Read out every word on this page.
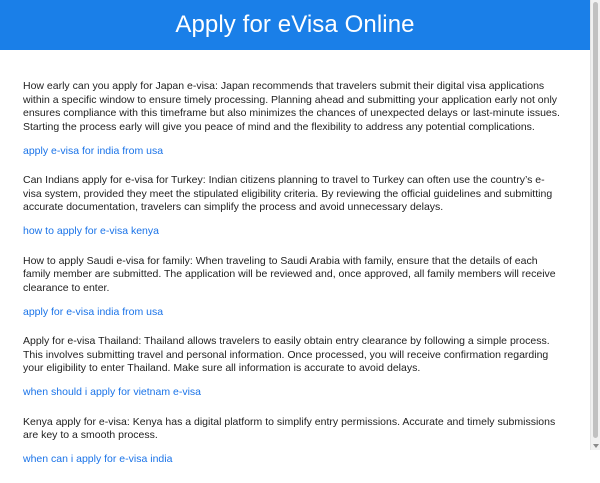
Apply for eVisa Online

How early can you apply for Japan e-visa: Japan recommends that travelers submit their digital visa applications within a specific window to ensure timely processing. Planning ahead and submitting your application early not only ensures compliance with this timeframe but also minimizes the chances of unexpected delays or last-minute issues. Starting the process early will give you peace of mind and the flexibility to address any potential complications.

apply e-visa for india from usa

Can Indians apply for e-visa for Turkey: Indian citizens planning to travel to Turkey can often use the country’s e-visa system, provided they meet the stipulated eligibility criteria. By reviewing the official guidelines and submitting accurate documentation, travelers can simplify the process and avoid unnecessary delays.

how to apply for e-visa kenya

How to apply Saudi e-visa for family: When traveling to Saudi Arabia with family, ensure that the details of each family member are submitted. The application will be reviewed and, once approved, all family members will receive clearance to enter.

apply for e-visa india from usa

Apply for e-visa Thailand: Thailand allows travelers to easily obtain entry clearance by following a simple process. This involves submitting travel and personal information. Once processed, you will receive confirmation regarding your eligibility to enter Thailand. Make sure all information is accurate to avoid delays.

when should i apply for vietnam e-visa

Kenya apply for e-visa: Kenya has a digital platform to simplify entry permissions. Accurate and timely submissions are key to a smooth process.

when can i apply for e-visa india
